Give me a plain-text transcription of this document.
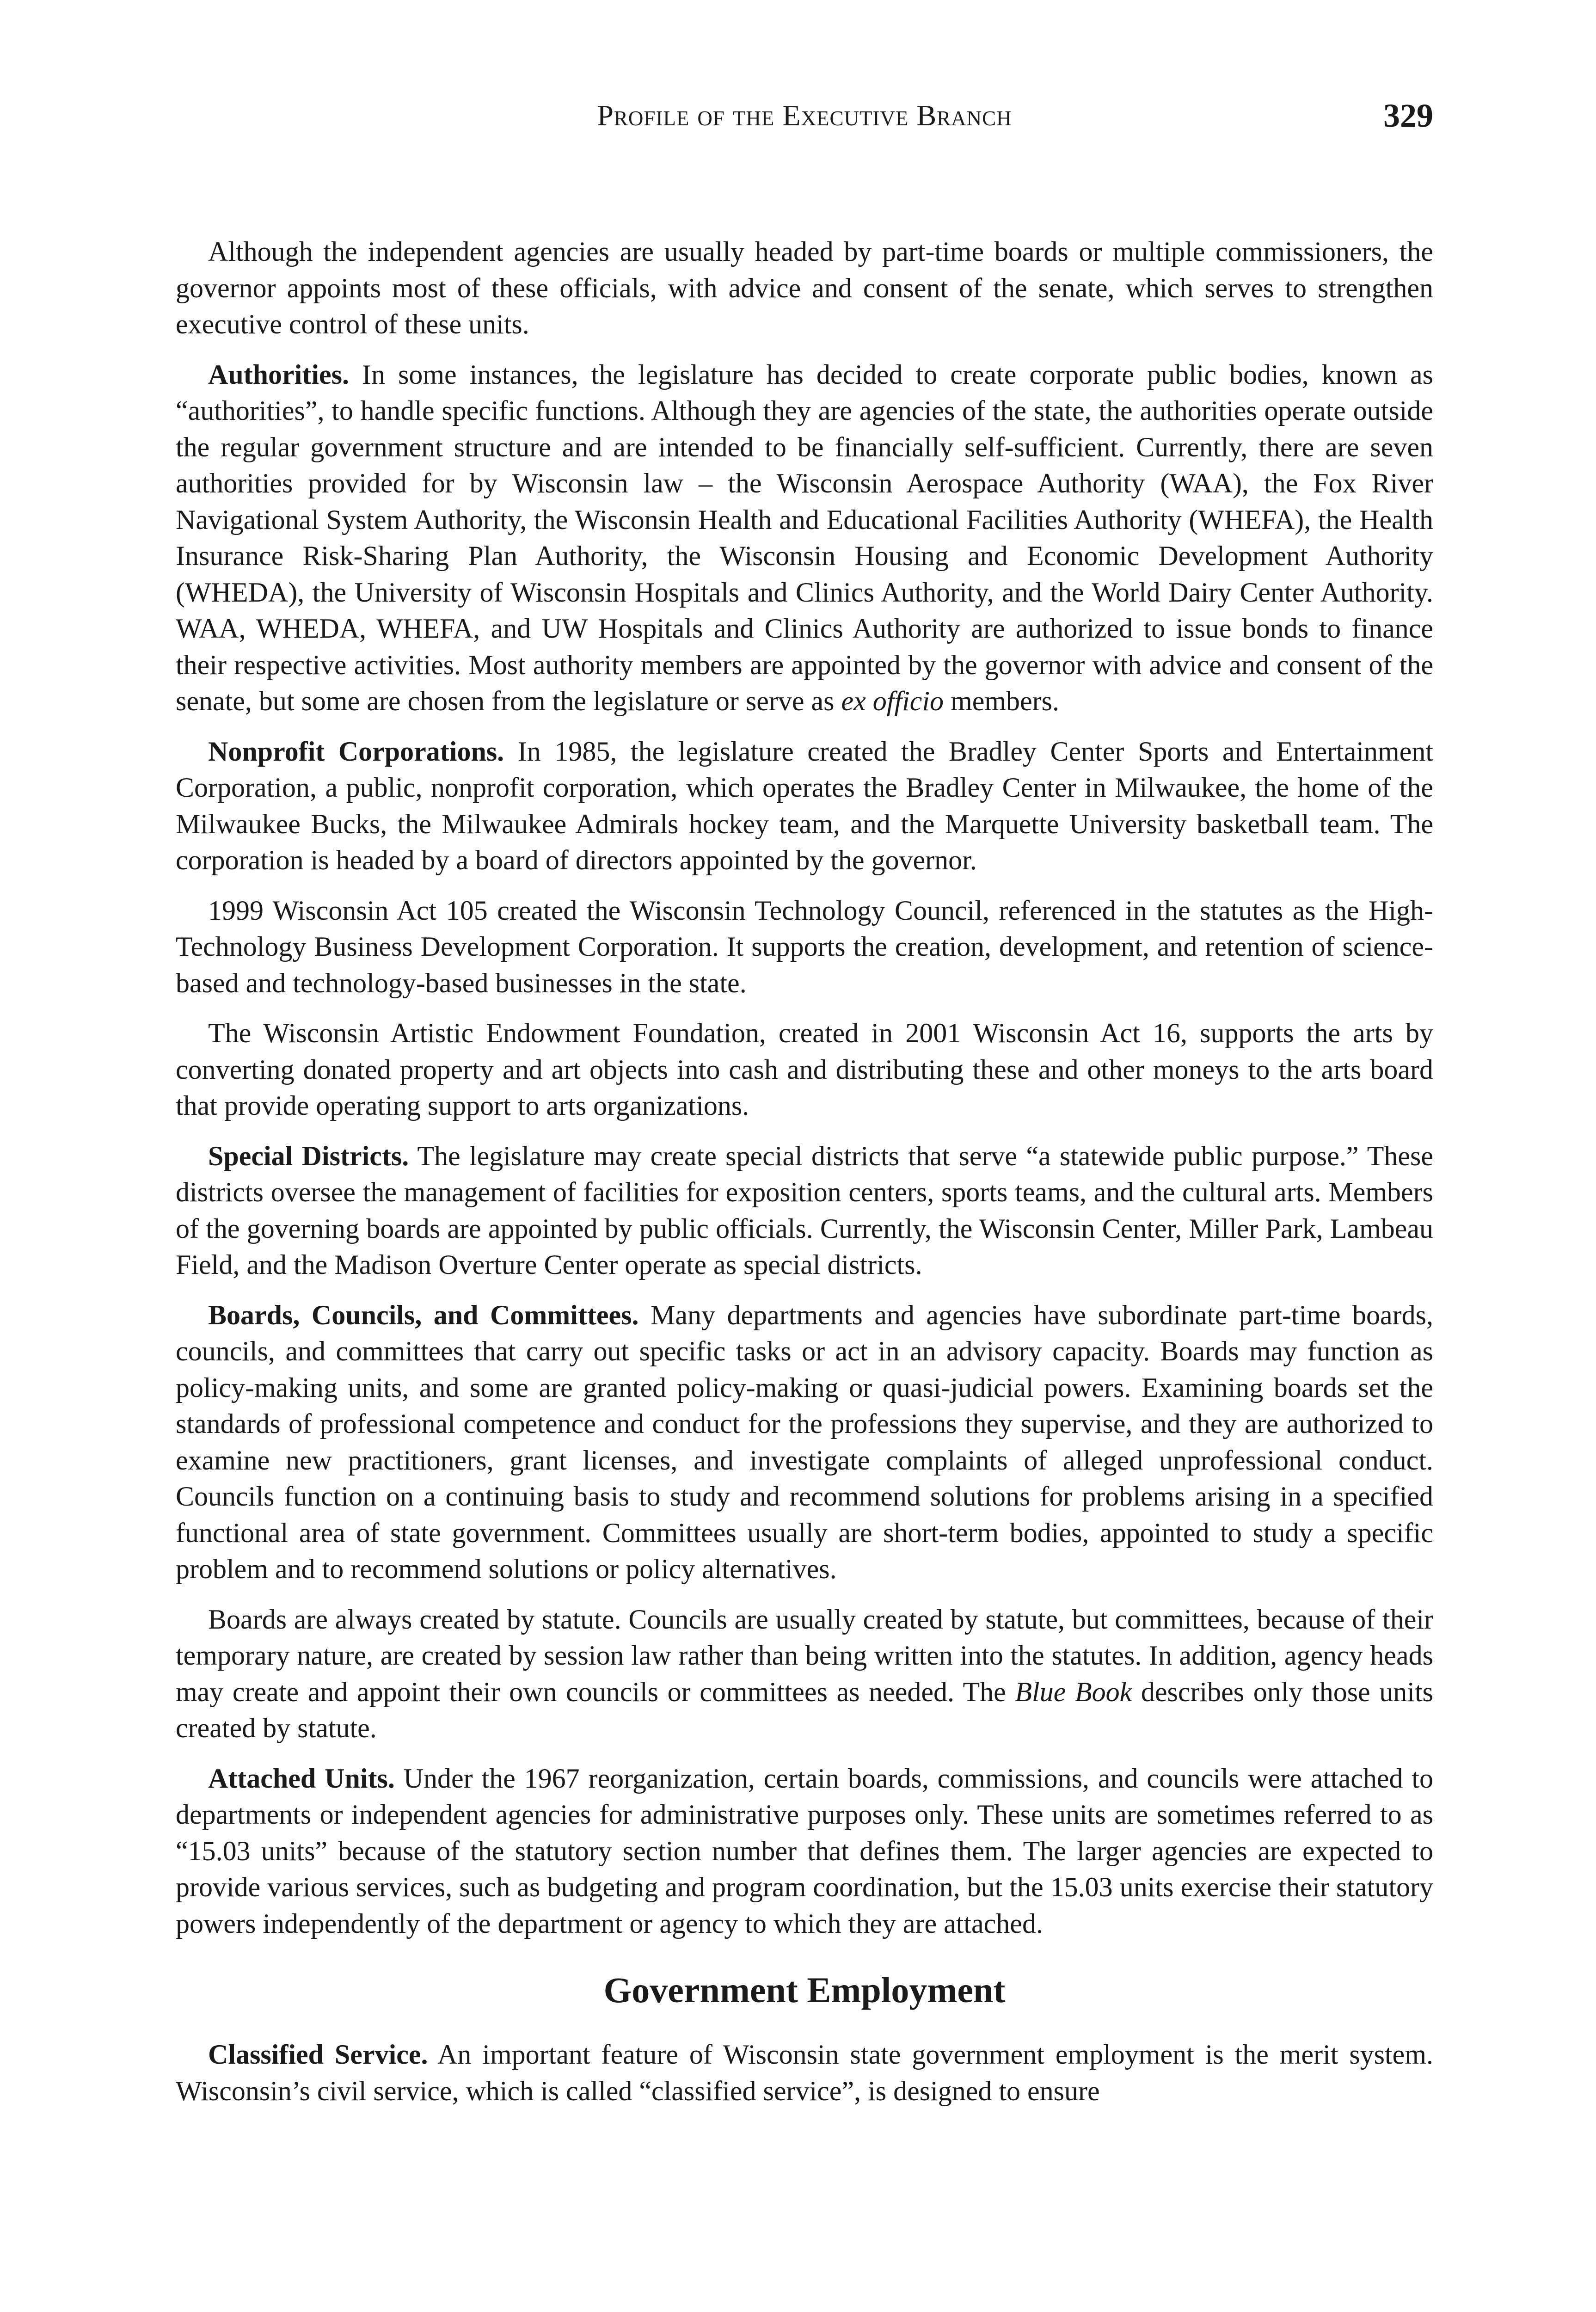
Profile of the Executive Branch	329

Although the independent agencies are usually headed by part-time boards or multiple commissioners, the governor appoints most of these officials, with advice and consent of the senate, which serves to strengthen executive control of these units.

Authorities. In some instances, the legislature has decided to create corporate public bodies, known as “authorities”, to handle specific functions. Although they are agencies of the state, the authorities operate outside the regular government structure and are intended to be financially self-sufficient. Currently, there are seven authorities provided for by Wisconsin law – the Wisconsin Aerospace Authority (WAA), the Fox River Navigational System Authority, the Wisconsin Health and Educational Facilities Authority (WHEFA), the Health Insurance Risk-Sharing Plan Authority, the Wisconsin Housing and Economic Development Authority (WHEDA), the University of Wisconsin Hospitals and Clinics Authority, and the World Dairy Center Authority. WAA, WHEDA, WHEFA, and UW Hospitals and Clinics Authority are authorized to issue bonds to finance their respective activities. Most authority members are appointed by the governor with advice and consent of the senate, but some are chosen from the legislature or serve as ex officio members.

Nonprofit Corporations. In 1985, the legislature created the Bradley Center Sports and Entertainment Corporation, a public, nonprofit corporation, which operates the Bradley Center in Milwaukee, the home of the Milwaukee Bucks, the Milwaukee Admirals hockey team, and the Marquette University basketball team. The corporation is headed by a board of directors appointed by the governor.

1999 Wisconsin Act 105 created the Wisconsin Technology Council, referenced in the statutes as the High-Technology Business Development Corporation. It supports the creation, development, and retention of science-based and technology-based businesses in the state.

The Wisconsin Artistic Endowment Foundation, created in 2001 Wisconsin Act 16, supports the arts by converting donated property and art objects into cash and distributing these and other moneys to the arts board that provide operating support to arts organizations.

Special Districts. The legislature may create special districts that serve “a statewide public purpose.” These districts oversee the management of facilities for exposition centers, sports teams, and the cultural arts. Members of the governing boards are appointed by public officials. Currently, the Wisconsin Center, Miller Park, Lambeau Field, and the Madison Overture Center operate as special districts.

Boards, Councils, and Committees. Many departments and agencies have subordinate part-time boards, councils, and committees that carry out specific tasks or act in an advisory capacity. Boards may function as policy-making units, and some are granted policy-making or quasi-judicial powers. Examining boards set the standards of professional competence and conduct for the professions they supervise, and they are authorized to examine new practitioners, grant licenses, and investigate complaints of alleged unprofessional conduct. Councils function on a continuing basis to study and recommend solutions for problems arising in a specified functional area of state government. Committees usually are short-term bodies, appointed to study a specific problem and to recommend solutions or policy alternatives.

Boards are always created by statute. Councils are usually created by statute, but committees, because of their temporary nature, are created by session law rather than being written into the statutes. In addition, agency heads may create and appoint their own councils or committees as needed. The Blue Book describes only those units created by statute.

Attached Units. Under the 1967 reorganization, certain boards, commissions, and councils were attached to departments or independent agencies for administrative purposes only. These units are sometimes referred to as “15.03 units” because of the statutory section number that defines them. The larger agencies are expected to provide various services, such as budgeting and program coordination, but the 15.03 units exercise their statutory powers independently of the department or agency to which they are attached.

Government Employment

Classified Service. An important feature of Wisconsin state government employment is the merit system. Wisconsin’s civil service, which is called “classified service”, is designed to ensure
